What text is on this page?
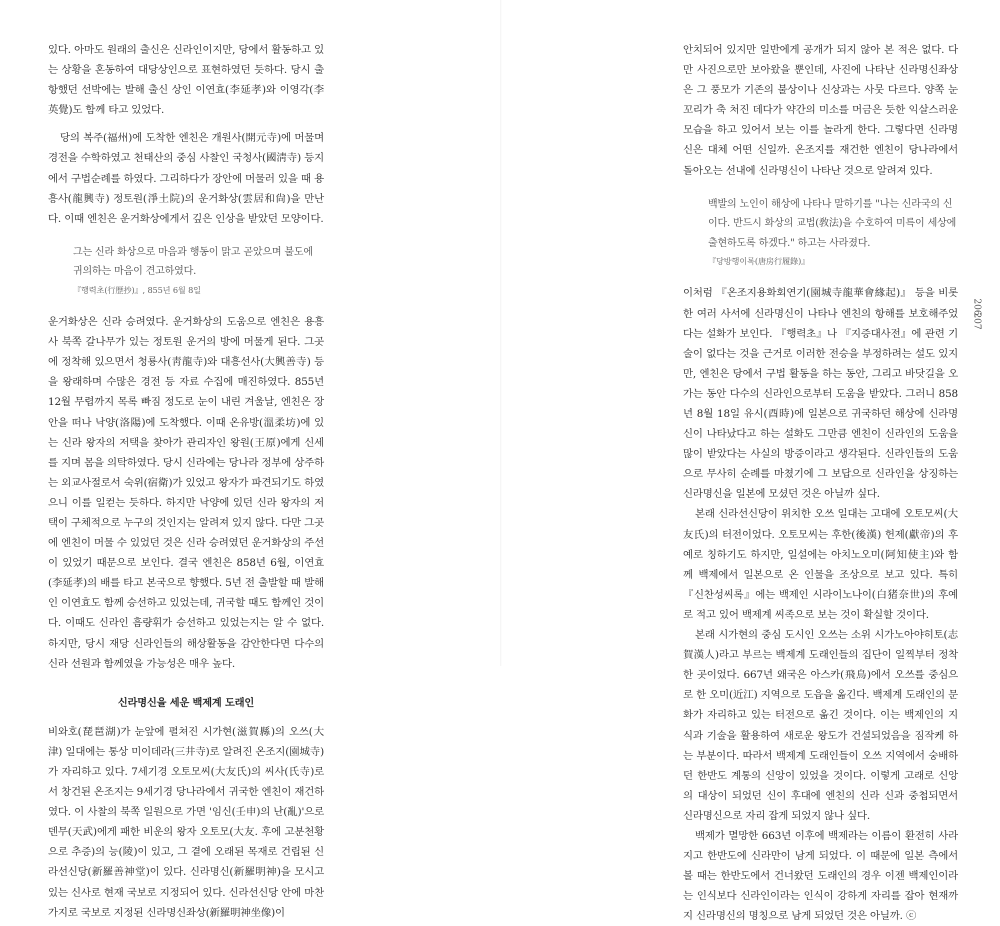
있다. 아마도 원래의 출신은 신라인이지만, 당에서 활동하고 있는 상황을 혼동하여 대당상인으로 표현하였던 듯하다. 당시 출항했던 선박에는 발해 출신 상인 이연효(李延孝)와 이영각(李英覺)도 함께 타고 있었다.

당의 복주(福州)에 도착한 엔친은 개원사(開元寺)에 머물며 경전을 수학하였고 천태산의 중심 사찰인 국청사(國淸寺) 등지에서 구법순례를 하였다. 그리하다가 장안에 머물러 있을 때 용흥사(龍興寺) 정토원(淨土院)의 운거화상(雲居和尙)을 만난다. 이때 엔친은 운거화상에게서 깊은 인상을 받았던 모양이다.

그는 신라 화상으로 마음과 행동이 맑고 곧았으며 불도에 귀의하는 마음이 견고하였다.
『행력초(行歷抄)』, 855년 6월 8일

운거화상은 신라 승려였다. 운거화상의 도움으로 엔친은 용흥사 북쪽 갈나무가 있는 정토원 운거의 방에 머물게 된다. 그곳에 정착해 있으면서 청룡사(靑龍寺)와 대흥선사(大興善寺) 등을 왕래하며 수많은 경전 등 자료 수집에 매진하였다. 855년 12월 무렵까지 목록 빠짐 정도로 눈이 내린 겨울날, 엔친은 장안을 떠나 낙양(洛陽)에 도착했다. 이때 온유방(溫柔坊)에 있는 신라 왕자의 저택을 찾아가 관리자인 왕원(王原)에게 신세를 지며 몸을 의탁하였다. 당시 신라에는 당나라 정부에 상주하는 외교사절로서 숙위(宿衛)가 있었고 왕자가 파견되기도 하였으니 이를 일컫는 듯하다. 하지만 낙양에 있던 신라 왕자의 저택이 구체적으로 누구의 것인지는 알려져 있지 않다. 다만 그곳에 엔친이 머물 수 있었던 것은 신라 승려였던 운거화상의 주선이 있었기 때문으로 보인다. 결국 엔친은 858년 6월, 이연효(李延孝)의 배를 타고 본국으로 향했다. 5년 전 출발할 때 발해인 이연효도 함께 승선하고 있었는데, 귀국할 때도 함께인 것이다. 이때도 신라인 흠량휘가 승선하고 있었는지는 알 수 없다. 하지만, 당시 재당 신라인들의 해상활동을 감안한다면 다수의 신라 선원과 함께였을 가능성은 매우 높다.

신라명신을 세운 백제계 도래인

비와호(琵琶湖)가 눈앞에 펼쳐진 시가현(滋賀縣)의 오쓰(大津) 일대에는 통상 미이데라(三井寺)로 알려진 온조지(園城寺)가 자리하고 있다. 7세기경 오토모씨(大友氏)의 씨사(氏寺)로서 창건된 온조지는 9세기경 당나라에서 귀국한 엔친이 재건하였다. 이 사찰의 북쪽 일원으로 가면 '임신(壬申)의 난(亂)'으로 덴무(天武)에게 패한 비운의 왕자 오토모(大友. 후에 고분천황으로 추증)의 능(陵)이 있고, 그 곁에 오래된 목재로 건립된 신라선신당(新羅善神堂)이 있다. 신라명신(新羅明神)을 모시고 있는 신사로 현재 국보로 지정되어 있다. 신라선신당 안에 마찬가지로 국보로 지정된 신라명신좌상(新羅明神坐像)이

안치되어 있지만 일반에게 공개가 되지 않아 본 적은 없다. 다만 사진으로만 보아왔을 뿐인데, 사진에 나타난 신라명신좌상은 그 풍모가 기존의 불상이나 신상과는 사뭇 다르다. 양쪽 눈꼬리가 축 처진 데다가 약간의 미소를 머금은 듯한 익살스러운 모습을 하고 있어서 보는 이를 놀라게 한다. 그렇다면 신라명신은 대체 어떤 신일까. 온조지를 재건한 엔친이 당나라에서 돌아오는 선내에 신라명신이 나타난 것으로 알려져 있다.

백발의 노인이 해상에 나타나 말하기를 "나는 신라국의 신이다. 반드시 화상의 교법(敎法)을 수호하여 미륵이 세상에 출현하도록 하겠다." 하고는 사라졌다.
『당방행이록(唐房行履錄)』

이처럼 『온조지용화회연기(園城寺龍華會緣起)』 등을 비롯한 여러 사서에 신라명신이 나타나 엔친의 항해를 보호해주었다는 설화가 보인다. 『행력초』나 『지증대사전』에 관련 기술이 없다는 것을 근거로 이러한 전승을 부정하려는 설도 있지만, 엔친은 당에서 구법 활동을 하는 동안, 그리고 바닷길을 오가는 동안 다수의 신라인으로부터 도움을 받았다. 그러니 858년 8월 18일 유시(酉時)에 일본으로 귀국하던 해상에 신라명신이 나타났다고 하는 설화도 그만큼 엔친이 신라인의 도움을 많이 받았다는 사실의 방증이라고 생각된다. 신라인들의 도움으로 무사히 순례를 마쳤기에 그 보답으로 신라인을 상징하는 신라명신을 일본에 모셨던 것은 아닐까 싶다.

본래 신라선신당이 위치한 오쓰 일대는 고대에 오토모씨(大友氏)의 터전이었다. 오토모씨는 후한(後漢) 헌제(獻帝)의 후예로 칭하기도 하지만, 일설에는 아치노오미(阿知使主)와 함께 백제에서 일본으로 온 인물을 조상으로 보고 있다. 특히 『신찬성씨록』에는 백제인 시라이노나이(白猪奈世)의 후예로 적고 있어 백제계 씨족으로 보는 것이 확실할 것이다.

본래 시가현의 중심 도시인 오쓰는 소위 시가노아야히토(志賀漢人)라고 부르는 백제계 도래인들의 집단이 일찍부터 정착한 곳이었다. 667년 왜국은 아스카(飛鳥)에서 오쓰를 중심으로 한 오미(近江) 지역으로 도읍을 옮긴다. 백제계 도래인의 문화가 자리하고 있는 터전으로 옮긴 것이다. 이는 백제인의 지식과 기술을 활용하여 새로운 왕도가 건설되었음을 짐작케 하는 부분이다. 따라서 백제계 도래인들이 오쓰 지역에서 숭배하던 한반도 계통의 신앙이 있었을 것이다. 이렇게 고래로 신앙의 대상이 되었던 신이 후대에 엔친의 신라 신과 중첩되면서 신라명신으로 자리 잡게 되었지 않나 싶다.

백제가 멸망한 663년 이후에 백제라는 이름이 환전히 사라지고 한반도에 신라만이 남게 되었다. 이 때문에 일본 측에서 볼 때는 한반도에서 건너왔던 도래인의 경우 이젠 백제인이라는 인식보다 신라인이라는 인식이 강하게 자리를 잡아 현재까지 신라명신의 명칭으로 남게 되었던 것은 아닐까. ⓒ

206
207
